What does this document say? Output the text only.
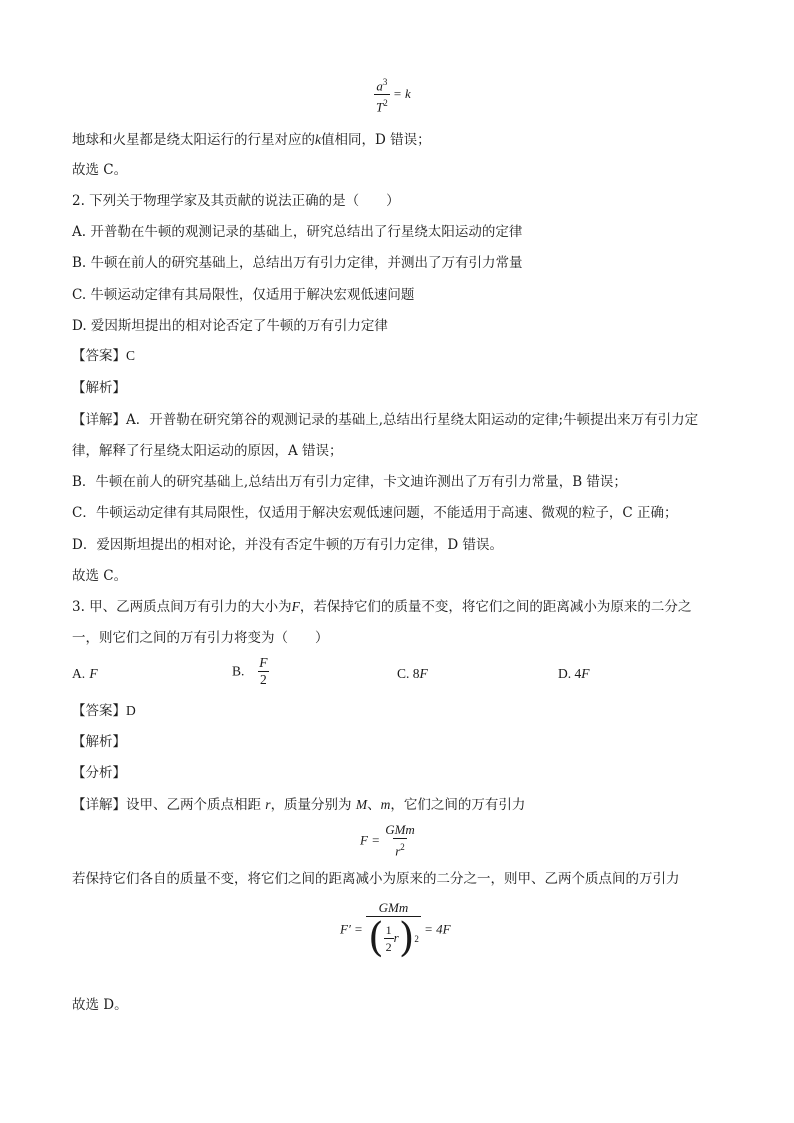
$\frac{a^3}{T^2} = k$
地球和火星都是绕太阳运行的行星对应的k值相同，D 错误；
故选 C。
2. 下列关于物理学家及其贡献的说法正确的是（　　）
A. 开普勒在牛顿的观测记录的基础上，研究总结出了行星绕太阳运动的定律
B. 牛顿在前人的研究基础上，总结出万有引力定律，并测出了万有引力常量
C. 牛顿运动定律有其局限性，仅适用于解决宏观低速问题
D. 爱因斯坦提出的相对论否定了牛顿的万有引力定律
【答案】C
【解析】
【详解】A．开普勒在研究第谷的观测记录的基础上,总结出行星绕太阳运动的定律;牛顿提出来万有引力定
律，解释了行星绕太阳运动的原因，A 错误；
B．牛顿在前人的研究基础上,总结出万有引力定律，卡文迪许测出了万有引力常量，B 错误；
C．牛顿运动定律有其局限性，仅适用于解决宏观低速问题，不能适用于高速、微观的粒子，C 正确；
D．爱因斯坦提出的相对论，并没有否定牛顿的万有引力定律，D 错误。
故选 C。
3. 甲、乙两质点间万有引力的大小为F，若保持它们的质量不变，将它们之间的距离减小为原来的二分之
一，则它们之间的万有引力将变为（　　）
A. F	B. $\frac{F}{2}$	C. 8F	D. 4F
【答案】D
【解析】
【分析】
【详解】设甲、乙两个质点相距 r，质量分别为 M、m，它们之间的万有引力
$F = \frac{\text{GMm}}{r^2}$
若保持它们各自的质量不变，将它们之间的距离减小为原来的二分之一，则甲、乙两个质点间的万引力
$F' = \frac{\text{GMm}}{( \frac{1}{2} r ) 2} = 4F$
故选 D。
